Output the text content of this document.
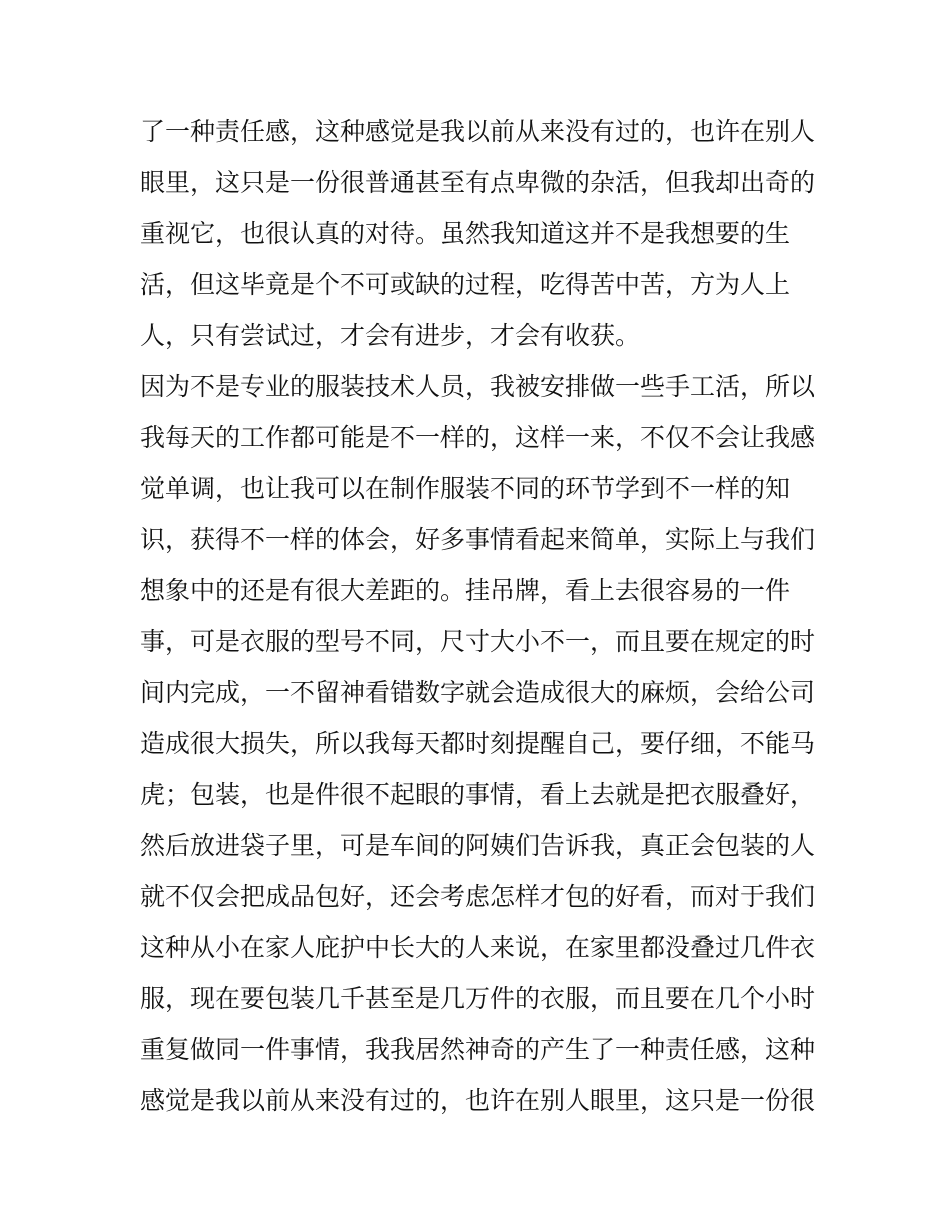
了一种责任感，这种感觉是我以前从来没有过的，也许在别人
眼里，这只是一份很普通甚至有点卑微的杂活，但我却出奇的
重视它，也很认真的对待。虽然我知道这并不是我想要的生
活，但这毕竟是个不可或缺的过程，吃得苦中苦，方为人上
人，只有尝试过，才会有进步，才会有收获。
因为不是专业的服装技术人员，我被安排做一些手工活，所以
我每天的工作都可能是不一样的，这样一来，不仅不会让我感
觉单调，也让我可以在制作服装不同的环节学到不一样的知
识，获得不一样的体会，好多事情看起来简单，实际上与我们
想象中的还是有很大差距的。挂吊牌，看上去很容易的一件
事，可是衣服的型号不同，尺寸大小不一，而且要在规定的时
间内完成，一不留神看错数字就会造成很大的麻烦，会给公司
造成很大损失，所以我每天都时刻提醒自己，要仔细，不能马
虎；包装，也是件很不起眼的事情，看上去就是把衣服叠好，
然后放进袋子里，可是车间的阿姨们告诉我，真正会包装的人
就不仅会把成品包好，还会考虑怎样才包的好看，而对于我们
这种从小在家人庇护中长大的人来说，在家里都没叠过几件衣
服，现在要包装几千甚至是几万件的衣服，而且要在几个小时
重复做同一件事情，我我居然神奇的产生了一种责任感，这种
感觉是我以前从来没有过的，也许在别人眼里，这只是一份很
